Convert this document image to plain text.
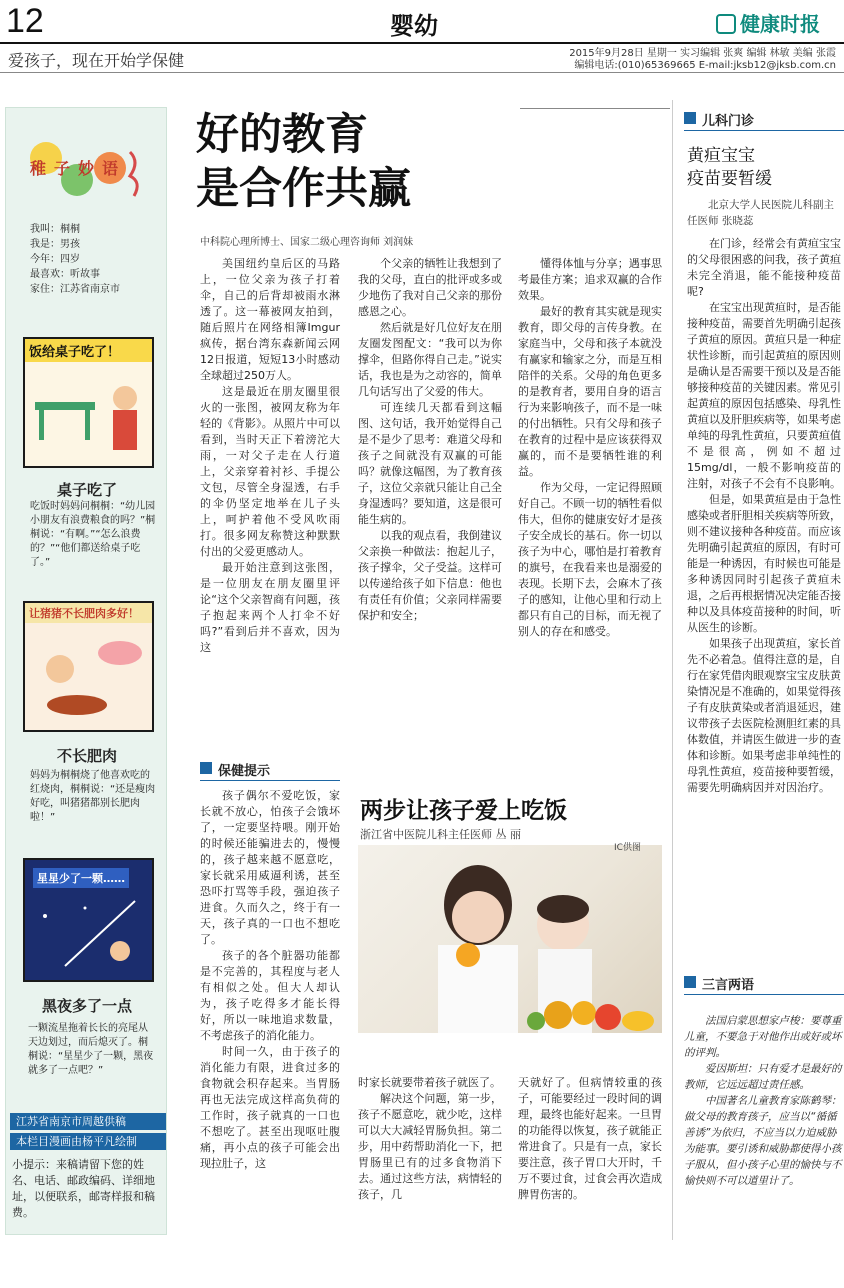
12	婴幼	健康时报
爱孩子，现在开始学保健	2015年9月28日 星期一 实习编辑 张爽 编辑 林敏 美编 张霞
编辑电话:(010)65369665 E-mail:jksb12@jksb.com.cn
稚子妙语
我叫：桐桐
我是：男孩
今年：四岁
最喜欢：听故事
家住：江苏省南京市
饭给桌子吃了！
桌子吃了
吃饭时妈妈问桐桐：“幼儿园小朋友有浪费粮食的吗？”桐桐说：“有啊。”“怎么浪费的？”“他们都送给桌子吃了。”
让猪猪不长肥肉多好！
不长肥肉
妈妈为桐桐烧了他喜欢吃的红烧肉，桐桐说：“还是瘦肉好吃，叫猪猪都别长肥肉啦！”
星星少了一颗……
黑夜多了一点
一颗流星拖着长长的亮尾从天边划过，而后熄灭了。桐桐说：“星星少了一颗，黑夜就多了一点吧？”
江苏省南京市周越供稿
本栏目漫画由杨平凡绘制
小提示：来稿请留下您的姓名、电话、邮政编码、详细地址，以便联系，邮寄样报和稿费。
好的教育
是合作共赢
中科院心理所博士、国家二级心理咨询师 刘润妹

美国纽约皇后区的马路上，一位父亲为孩子打着伞，自己的后背却被雨水淋透了。这一幕被网友拍到，随后照片在网络相簿Imgur疯传，据台湾东森新闻云网12日报道，短短13小时感动全球超过250万人。

这是最近在朋友圈里很火的一张图，被网友称为年轻的《背影》。从照片中可以看到，当时天正下着滂沱大雨，一对父子走在人行道上，父亲穿着衬衫、手提公文包，尽管全身湿透，右手的伞仍坚定地举在儿子头上，呵护着他不受风吹雨打。很多网友称赞这种默默付出的父爱更感动人。

最开始注意到这张图，是一位朋友在朋友圈里评论“这个父亲智商有问题，孩子抱起来两个人打伞不好吗?”看到后并不喜欢，因为这

个父亲的牺牲让我想到了我的父母，直白的批评或多或少地伤了我对自己父亲的那份感恩之心。

然后就是好几位好友在朋友圈发图配文：“我可以为你撑伞，但路你得自己走。”说实话，我也是为之动容的，简单几句话写出了父爱的伟大。

可连续几天都看到这幅图、这句话，我开始觉得自己是不是少了思考：难道父母和孩子之间就没有双赢的可能吗？就像这幅图，为了教育孩子，这位父亲就只能让自己全身湿透吗？要知道，这是很可能生病的。

以我的观点看，我倒建议父亲换一种做法：抱起儿子，孩子撑伞，父子受益。这样可以传递给孩子如下信息：他也有责任有价值；父亲同样需要保护和安全；

懂得体恤与分享；遇事思考最佳方案；追求双赢的合作效果。

最好的教育其实就是现实教育，即父母的言传身教。在家庭当中，父母和孩子本就没有赢家和输家之分，而是互相陪伴的关系。父母的角色更多的是教育者，要用自身的语言行为来影响孩子，而不是一味的付出牺牲。只有父母和孩子在教育的过程中是应该获得双赢的，而不是要牺牲谁的利益。

作为父母，一定记得照顾好自己。不顾一切的牺牲看似伟大，但你的健康安好才是孩子安全成长的基石。你一切以孩子为中心，哪怕是打着教育的旗号，在我看来也是溺爱的表现。长期下去，会麻木了孩子的感知，让他心里和行动上都只有自己的目标，而无视了别人的存在和感受。

保健提示

孩子偶尔不爱吃饭，家长就不放心，怕孩子会饿坏了，一定要坚持喂。刚开始的时候还能骗进去的，慢慢的，孩子越来越不愿意吃，家长就采用威逼利诱，甚至恐吓打骂等手段，强迫孩子进食。久而久之，终于有一天，孩子真的一口也不想吃了。

孩子的各个脏器功能都是不完善的，其程度与老人有相似之处。但大人却认为，孩子吃得多才能长得好，所以一味地追求数量，不考虑孩子的消化能力。

时间一久，由于孩子的消化能力有限，进食过多的食物就会积存起来。当胃肠再也无法完成这样高负荷的工作时，孩子就真的一口也不想吃了。甚至出现呕吐腹痛，再小点的孩子可能会出现拉肚子，这

两步让孩子爱上吃饭
浙江省中医院儿科主任医师 丛 丽
IC供图

时家长就要带着孩子就医了。

解决这个问题，第一步，孩子不愿意吃，就少吃，这样可以大大减轻胃肠负担。第二步，用中药帮助消化一下，把胃肠里已有的过多食物消下去。通过这些方法，病情轻的孩子，几

天就好了。但病情较重的孩子，可能要经过一段时间的调理，最终也能好起来。一旦胃的功能得以恢复，孩子就能正常进食了。只是有一点，家长要注意，孩子胃口大开时，千万不要过食，过食会再次造成脾胃伤害的。

儿科门诊
黄疸宝宝
疫苗要暂缓
北京大学人民医院儿科副主任医师 张晓蕊

在门诊，经常会有黄疸宝宝的父母很困惑的问我，孩子黄疸未完全消退，能不能接种疫苗呢?

在宝宝出现黄疸时，是否能接种疫苗，需要首先明确引起孩子黄疸的原因。黄疸只是一种症状性诊断，而引起黄疸的原因则是确认是否需要干预以及是否能够接种疫苗的关键因素。常见引起黄疸的原因包括感染、母乳性黄疸以及肝胆疾病等，如果考虑单纯的母乳性黄疸，只要黄疸值不是很高，例如不超过15mg/dl，一般不影响疫苗的注射，对孩子不会有不良影响。

但是，如果黄疸是由于急性感染或者肝胆相关疾病等所致，则不建议接种各种疫苗。而应该先明确引起黄疸的原因，有时可能是一种诱因，有时候也可能是多种诱因同时引起孩子黄疸未退，之后再根据情况决定能否接种以及具体疫苗接种的时间，听从医生的诊断。

如果孩子出现黄疸，家长首先不必着急。值得注意的是，自行在家凭借肉眼观察宝宝皮肤黄染情况是不准确的，如果觉得孩子有皮肤黄染或者消退延迟，建议带孩子去医院检测胆红素的具体数值，并请医生做进一步的查体和诊断。如果考虑非单纯性的母乳性黄疸，疫苗接种要暂缓，需要先明确病因并对因治疗。

三言两语

法国启蒙思想家卢梭：要尊重儿童，不要急于对他作出或好或坏的评判。

爱因斯坦：只有爱才是最好的教师，它远远超过责任感。

中国著名儿童教育家陈鹤琴：做父母的教育孩子，应当以“循循善诱”为依归，不应当以力迫威胁为能事。要引诱和威胁都使得小孩子服从，但小孩子心里的愉快与不愉快则不可以道里计了。
